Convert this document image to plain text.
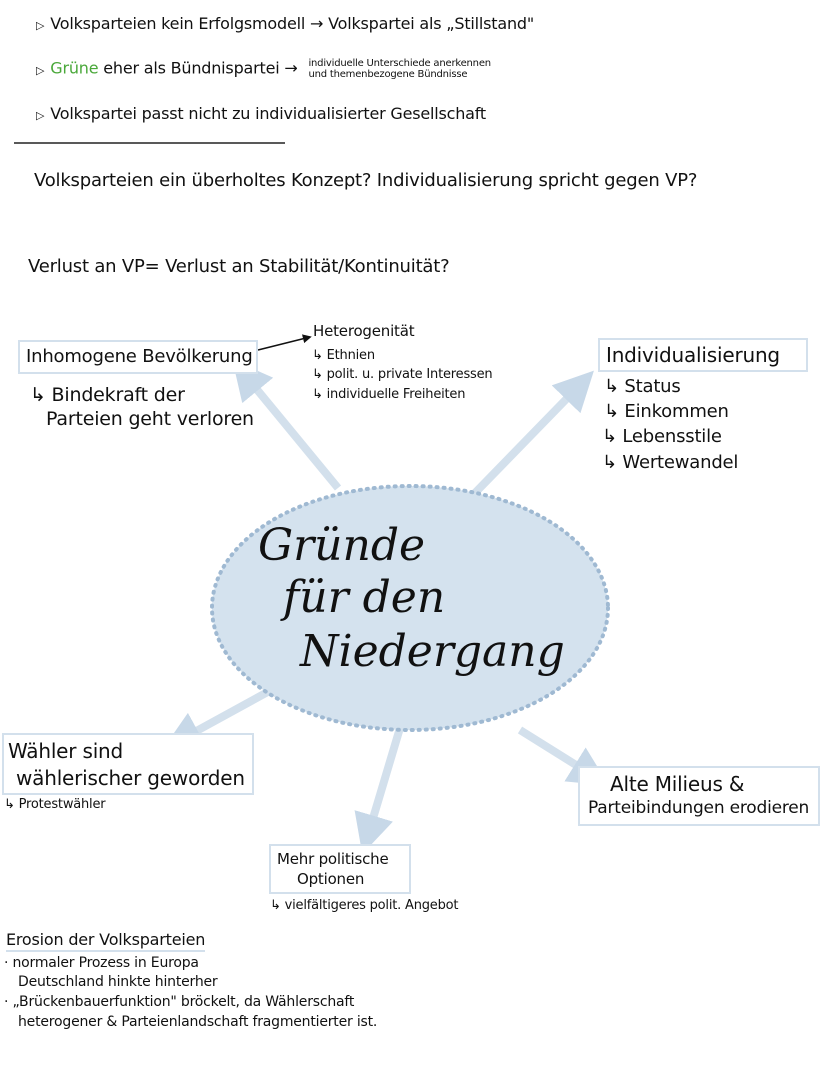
▷ Volksparteien kein Erfolgsmodell → Volkspartei als „Stillstand"
▷ Grüne eher als Bündnispartei → individuelle Unterschiede anerkennen
und themenbezogene Bündnisse
▷ Volkspartei passt nicht zu individualisierter Gesellschaft
Volksparteien ein überholtes Konzept? Individualisierung spricht gegen VP?
Verlust an VP= Verlust an Stabilität/Kontinuität?
Inhomogene Bevölkerung
↳ Bindekraft der
Parteien geht verloren
Heterogenität
↳ Ethnien
↳ polit. u. private Interessen
↳ individuelle Freiheiten
Individualisierung
↳ Status
↳ Einkommen
↳ Lebensstile
↳ Wertewandel
Gründe
für den
Niedergang
Wähler sind
wählerischer geworden
↳ Protestwähler
Mehr politische
Optionen
↳ vielfältigeres polit. Angebot
Alte Milieus &
Parteibindungen erodieren
Erosion der Volksparteien
· normaler Prozess in Europa
Deutschland hinkte hinterher
· „Brückenbauerfunktion" bröckelt, da Wählerschaft
heterogener & Parteienlandschaft fragmentierter ist.
